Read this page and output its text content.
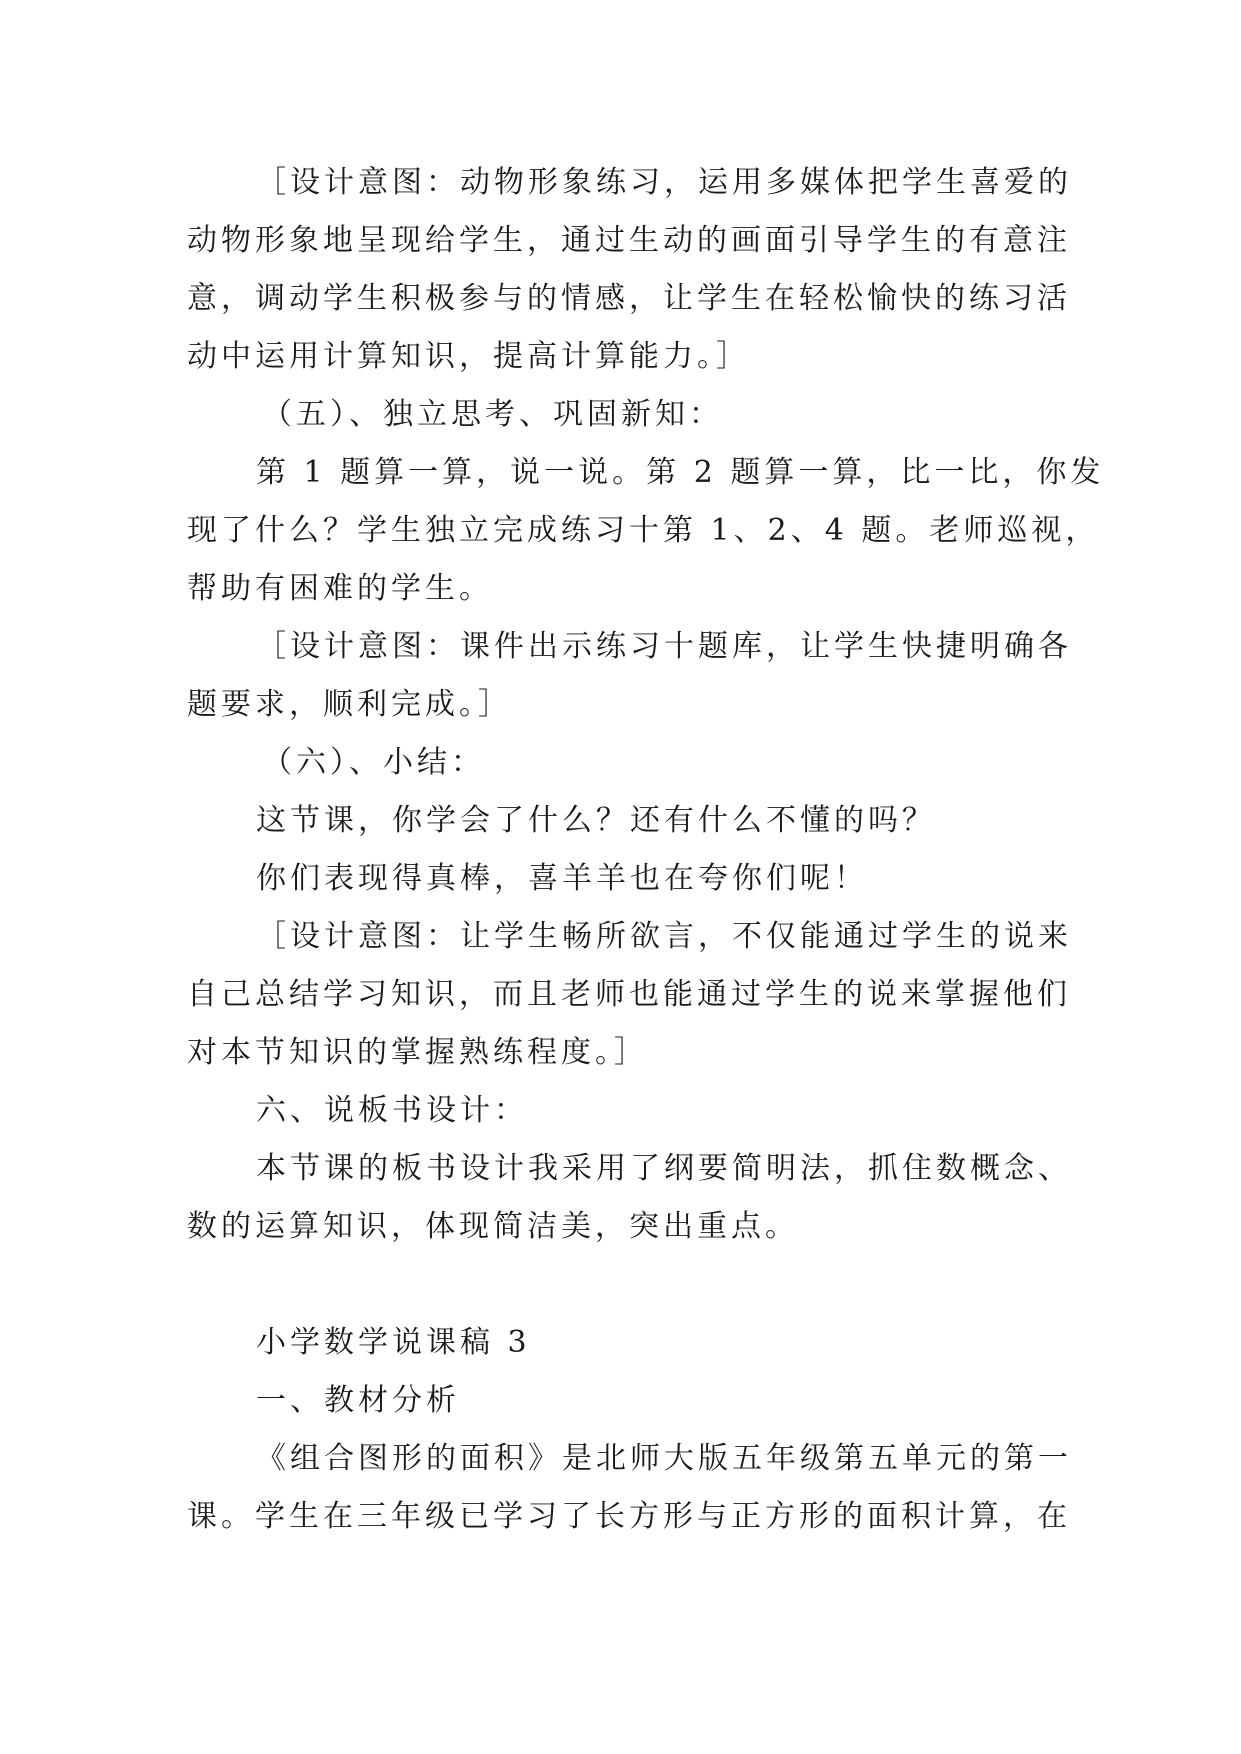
［设计意图：动物形象练习，运用多媒体把学生喜爱的
动物形象地呈现给学生，通过生动的画面引导学生的有意注
意，调动学生积极参与的情感，让学生在轻松愉快的练习活
动中运用计算知识，提高计算能力。］
（五）、独立思考、巩固新知：
第 1 题算一算，说一说。第 2 题算一算，比一比，你发
现了什么？学生独立完成练习十第 1、2、4 题。老师巡视，
帮助有困难的学生。
［设计意图：课件出示练习十题库，让学生快捷明确各
题要求，顺利完成。］
（六）、小结：
这节课，你学会了什么？还有什么不懂的吗？
你们表现得真棒，喜羊羊也在夸你们呢！
［设计意图：让学生畅所欲言，不仅能通过学生的说来
自己总结学习知识，而且老师也能通过学生的说来掌握他们
对本节知识的掌握熟练程度。］
六、说板书设计：
本节课的板书设计我采用了纲要简明法，抓住数概念、
数的运算知识，体现简洁美，突出重点。
小学数学说课稿 3
一、教材分析
《组合图形的面积》是北师大版五年级第五单元的第一
课。学生在三年级已学习了长方形与正方形的面积计算，在
